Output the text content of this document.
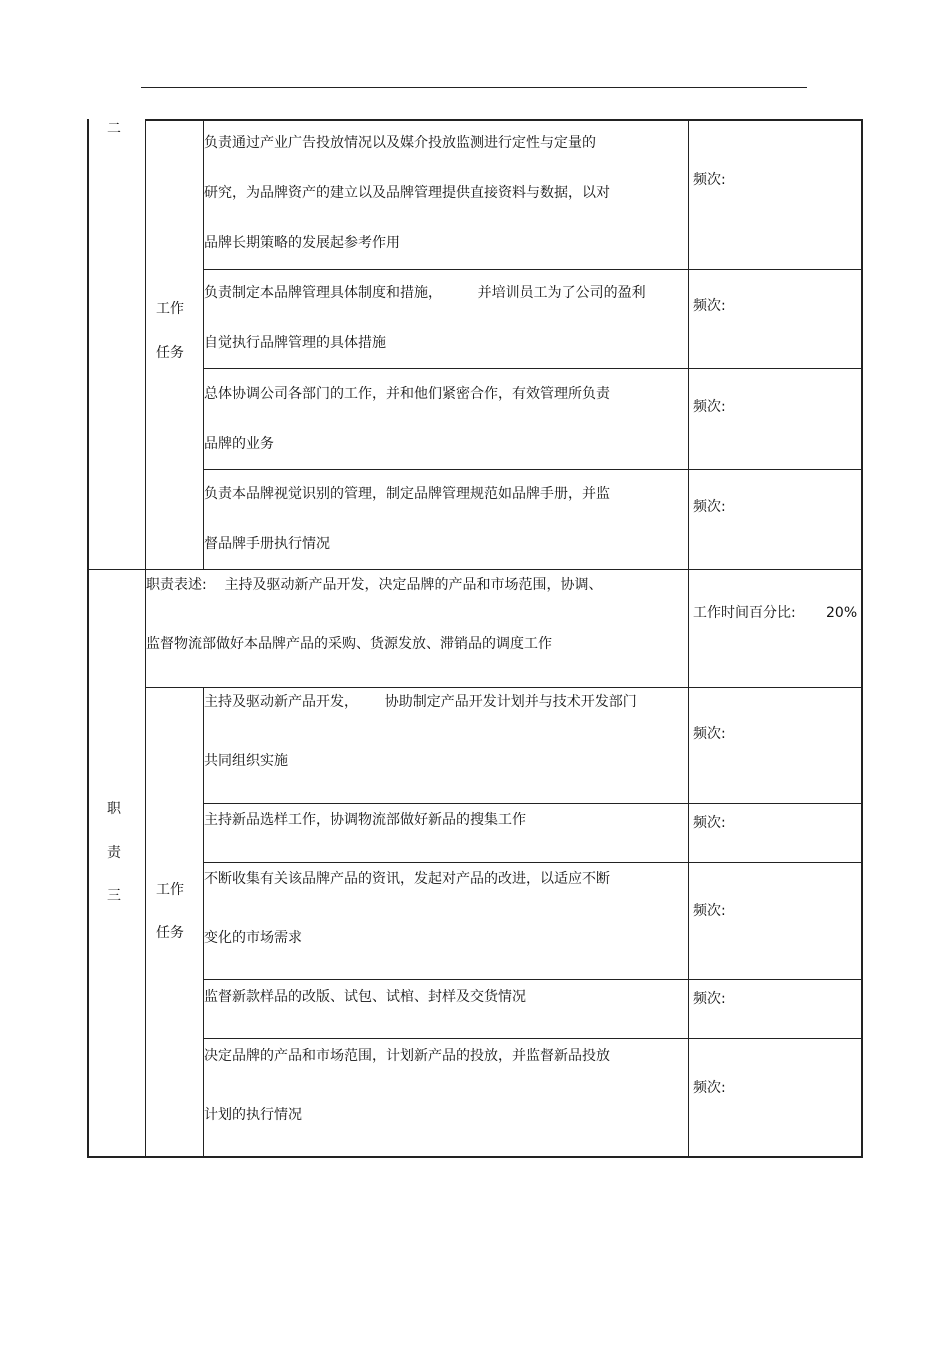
二
工作
任务
负责通过产业广告投放情况以及媒介投放监测进行定性与定量的
研究，为品牌资产的建立以及品牌管理提供直接资料与数据，以对
品牌长期策略的发展起参考作用
频次:
负责制定本品牌管理具体制度和措施，        并培训员工为了公司的盈利
自觉执行品牌管理的具体措施
频次:
总体协调公司各部门的工作，并和他们紧密合作，有效管理所负责
品牌的业务
频次:
负责本品牌视觉识别的管理，制定品牌管理规范如品牌手册，并监
督品牌手册执行情况
频次:
职
责
三
职责表述:    主持及驱动新产品开发，决定品牌的产品和市场范围，协调、
监督物流部做好本品牌产品的采购、货源发放、滞销品的调度工作
工作时间百分比: 20%
工作
任务
主持及驱动新产品开发，      协助制定产品开发计划并与技术开发部门
共同组织实施
频次:
主持新品选样工作，协调物流部做好新品的搜集工作	频次:
不断收集有关该品牌产品的资讯，发起对产品的改进，以适应不断
变化的市场需求
频次:
监督新款样品的改版、试包、试棺、封样及交货情况	频次:
决定品牌的产品和市场范围，计划新产品的投放，并监督新品投放
计划的执行情况
频次:
